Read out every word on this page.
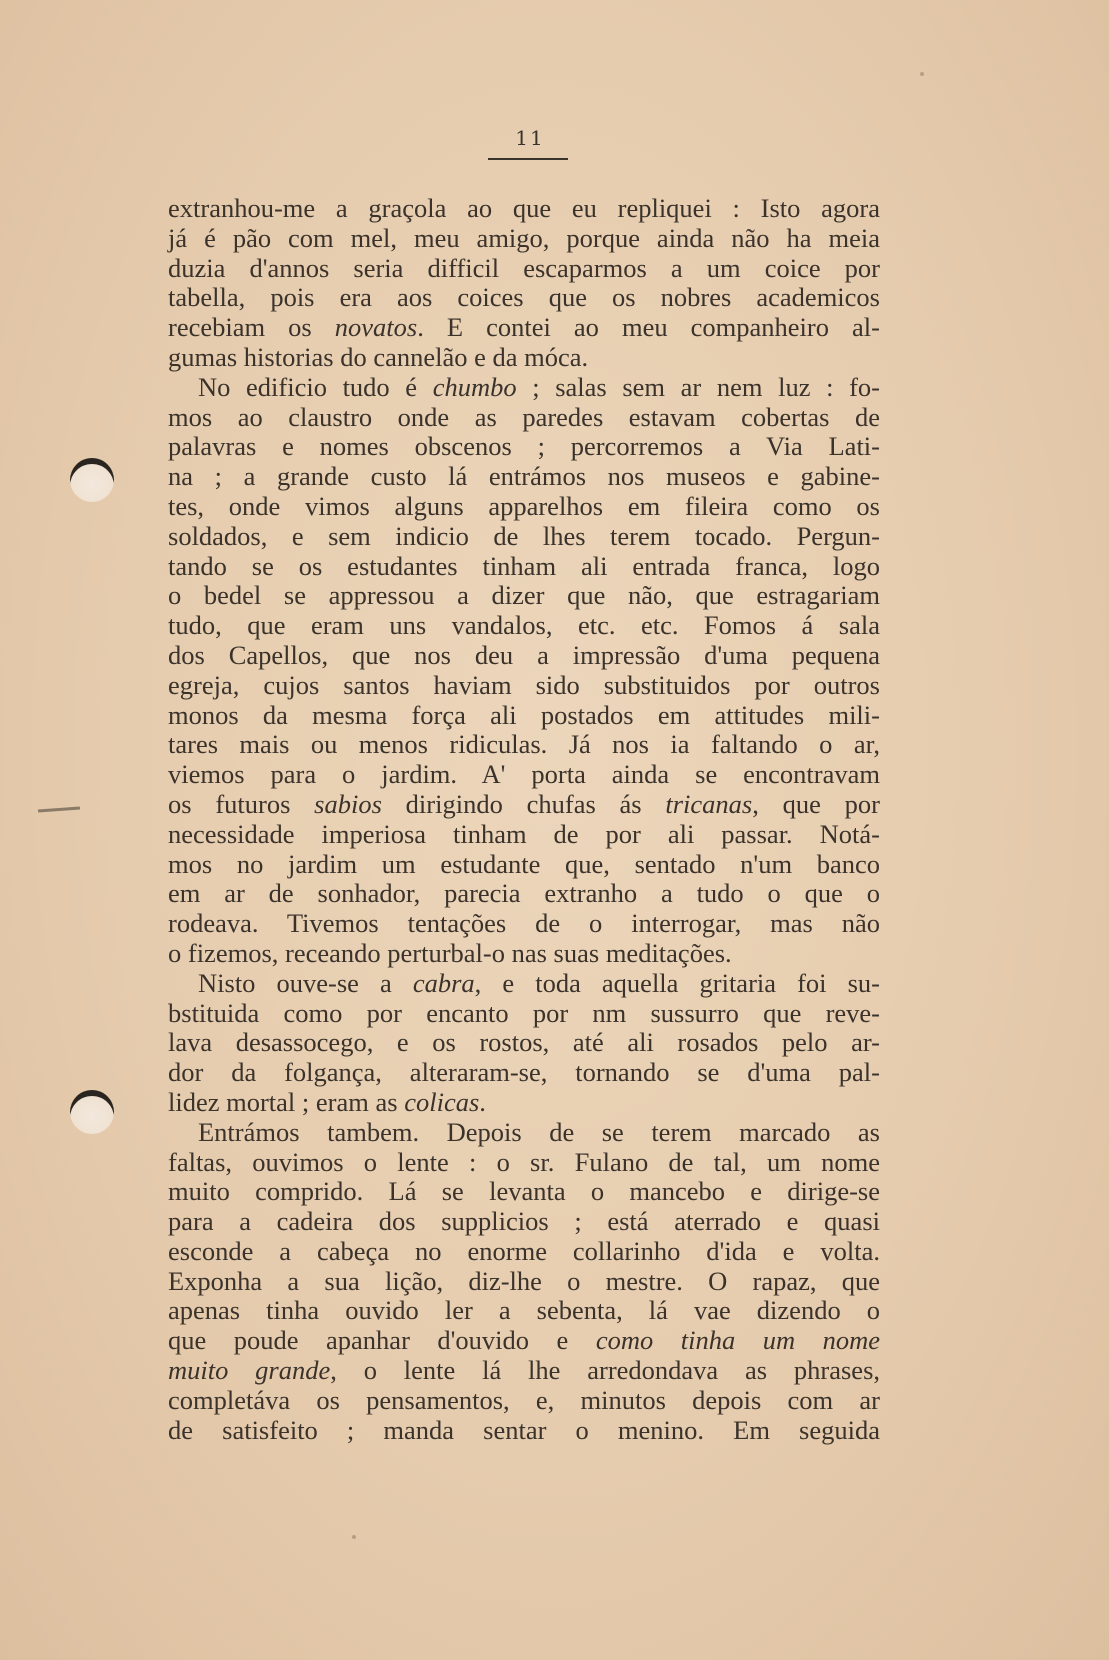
11
extranhou-me a graçola ao que eu repliquei : Isto agora
já é pão com mel, meu amigo, porque ainda não ha meia
duzia d'annos seria difficil escaparmos a um coice por
tabella, pois era aos coices que os nobres academicos
recebiam os novatos. E contei ao meu companheiro al-
gumas historias do cannelão e da móca.
No edificio tudo é chumbo ; salas sem ar nem luz : fo-
mos ao claustro onde as paredes estavam cobertas de
palavras e nomes obscenos ; percorremos a Via Lati-
na ; a grande custo lá entrámos nos museos e gabine-
tes, onde vimos alguns apparelhos em fileira como os
soldados, e sem indicio de lhes terem tocado. Pergun-
tando se os estudantes tinham ali entrada franca, logo
o bedel se appressou a dizer que não, que estragariam
tudo, que eram uns vandalos, etc. etc. Fomos á sala
dos Capellos, que nos deu a impressão d'uma pequena
egreja, cujos santos haviam sido substituidos por outros
monos da mesma força ali postados em attitudes mili-
tares mais ou menos ridiculas. Já nos ia faltando o ar,
viemos para o jardim. A' porta ainda se encontravam
os futuros sabios dirigindo chufas ás tricanas, que por
necessidade imperiosa tinham de por ali passar. Notá-
mos no jardim um estudante que, sentado n'um banco
em ar de sonhador, parecia extranho a tudo o que o
rodeava. Tivemos tentações de o interrogar, mas não
o fizemos, receando perturbal-o nas suas meditações.
Nisto ouve-se a cabra, e toda aquella gritaria foi su-
bstituida como por encanto por nm sussurro que reve-
lava desassocego, e os rostos, até ali rosados pelo ar-
dor da folgança, alteraram-se, tornando se d'uma pal-
lidez mortal ; eram as colicas.
Entrámos tambem. Depois de se terem marcado as
faltas, ouvimos o lente : o sr. Fulano de tal, um nome
muito comprido. Lá se levanta o mancebo e dirige-se
para a cadeira dos supplicios ; está aterrado e quasi
esconde a cabeça no enorme collarinho d'ida e volta.
Exponha a sua lição, diz-lhe o mestre. O rapaz, que
apenas tinha ouvido ler a sebenta, lá vae dizendo o
que poude apanhar d'ouvido e como tinha um nome
muito grande, o lente lá lhe arredondava as phrases,
completáva os pensamentos, e, minutos depois com ar
de satisfeito ; manda sentar o menino. Em seguida
